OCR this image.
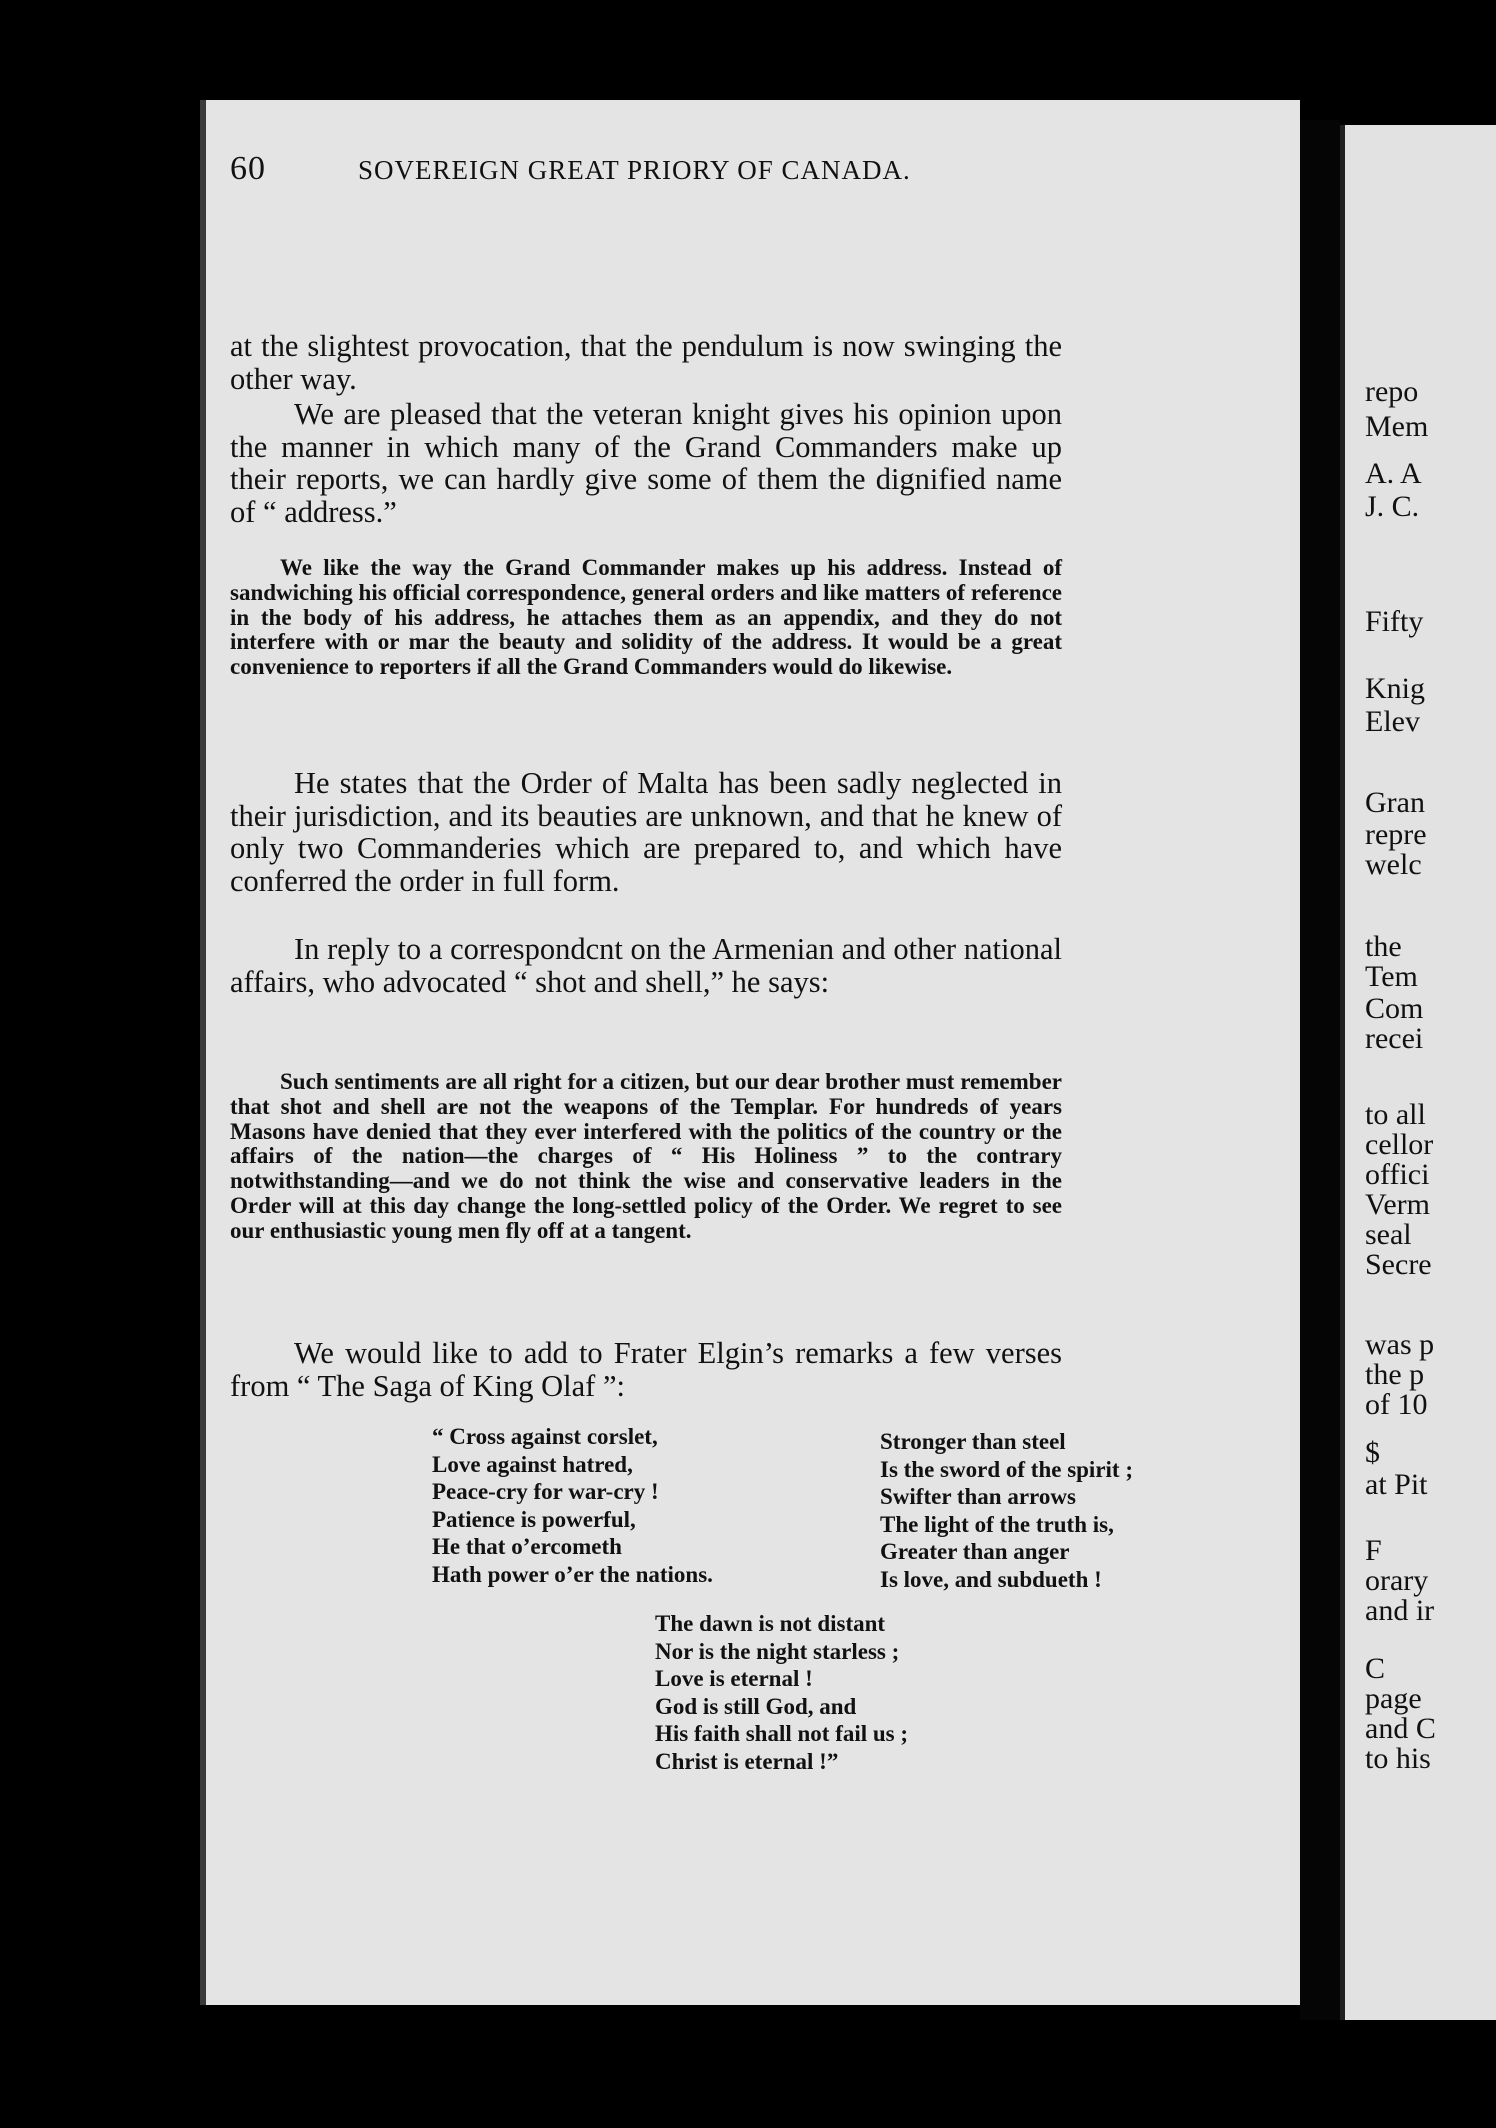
repo
Mem
A. A
J. C.
Fifty
Knig
Elev
Gran
repre
welc
the
Tem
Com
recei
to all
cellor
offici
Verm
seal
Secre
was p
the p
of 10
$
at Pit
F
orary
and ir
C
page
and C
to his
60	SOVEREIGN GREAT PRIORY OF CANADA.

at the slightest provocation, that the pendulum is now swinging the other way.

We are pleased that the veteran knight gives his opinion upon the manner in which many of the Grand Commanders make up their reports, we can hardly give some of them the dignified name of “ address.”

We like the way the Grand Commander makes up his address. Instead of sandwiching his official correspondence, general orders and like matters of reference in the body of his address, he attaches them as an appendix, and they do not interfere with or mar the beauty and solidity of the address. It would be a great convenience to reporters if all the Grand Commanders would do likewise.

He states that the Order of Malta has been sadly neglected in their jurisdiction, and its beauties are unknown, and that he knew of only two Commanderies which are prepared to, and which have conferred the order in full form.

In reply to a correspondcnt on the Armenian and other national affairs, who advocated “ shot and shell,” he says:

Such sentiments are all right for a citizen, but our dear brother must remember that shot and shell are not the weapons of the Templar. For hundreds of years Masons have denied that they ever interfered with the politics of the country or the affairs of the nation—the charges of “ His Holiness ” to the contrary notwithstanding—and we do not think the wise and conservative leaders in the Order will at this day change the long-settled policy of the Order. We regret to see our enthusiastic young men fly off at a tangent.

We would like to add to Frater Elgin’s remarks a few verses from “ The Saga of King Olaf ”:

“ Cross against corslet,
Love against hatred,
Peace-cry for war-cry !
Patience is powerful,
He that o’ercometh
Hath power o’er the nations.
Stronger than steel
Is the sword of the spirit ;
Swifter than arrows
The light of the truth is,
Greater than anger
Is love, and subdueth !
The dawn is not distant
Nor is the night starless ;
Love is eternal !
God is still God, and
His faith shall not fail us ;
Christ is eternal !”
